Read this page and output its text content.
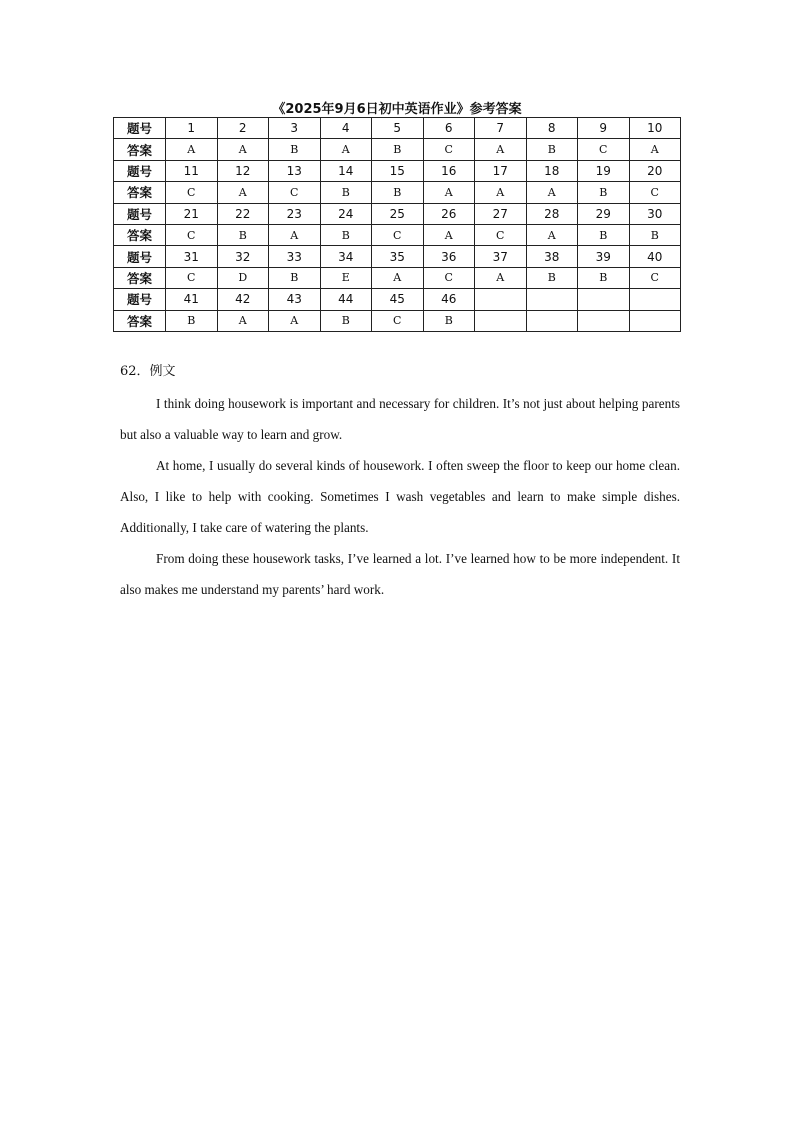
《2025年9月6日初中英语作业》参考答案
题号	1	2	3	4	5	6	7	8	9	10
答案	A	A	B	A	B	C	A	B	C	A
题号	11	12	13	14	15	16	17	18	19	20
答案	C	A	C	B	B	A	A	A	B	C
题号	21	22	23	24	25	26	27	28	29	30
答案	C	B	A	B	C	A	C	A	B	B
题号	31	32	33	34	35	36	37	38	39	40
答案	C	D	B	E	A	C	A	B	B	C
题号	41	42	43	44	45	46				
答案	B	A	A	B	C	B				
62．例文

I think doing housework is important and necessary for children. It’s not just about helping parents but also a valuable way to learn and grow.

At home, I usually do several kinds of housework. I often sweep the floor to keep our home clean. Also, I like to help with cooking. Sometimes I wash vegetables and learn to make simple dishes. Additionally, I take care of watering the plants.

From doing these housework tasks, I’ve learned a lot. I’ve learned how to be more independent. It also makes me understand my parents’ hard work.
